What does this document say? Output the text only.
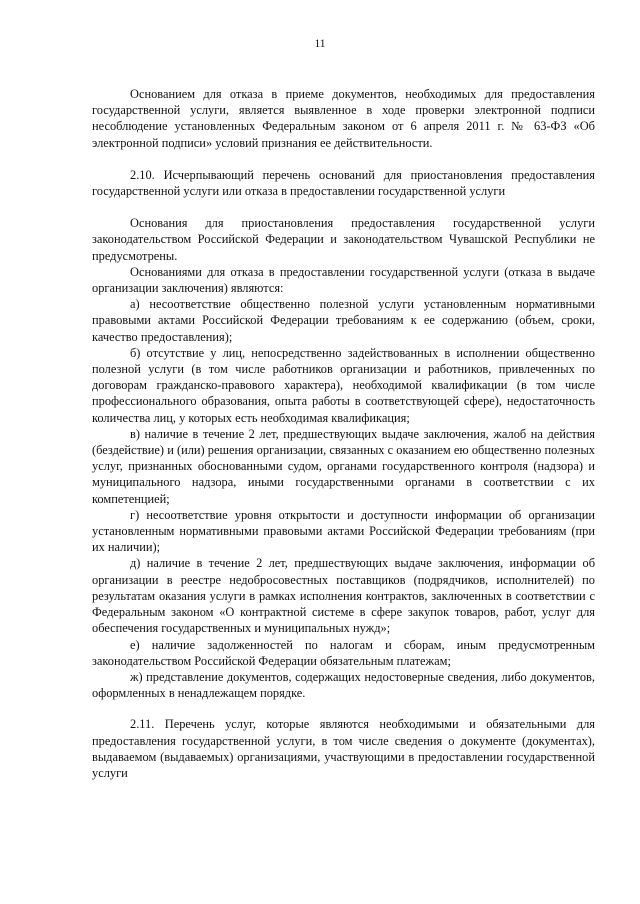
11

Основанием для отказа в приеме документов, необходимых для предоставления государственной услуги, является выявленное в ходе проверки электронной подписи несоблюдение установленных Федеральным законом от 6 апреля 2011 г. № 63-ФЗ «Об электронной подписи» условий признания ее действительности.

2.10. Исчерпывающий перечень оснований для приостановления предоставления государственной услуги или отказа в предоставлении государственной услуги

Основания для приостановления предоставления государственной услуги законодательством Российской Федерации и законодательством Чувашской Республики не предусмотрены.

Основаниями для отказа в предоставлении государственной услуги (отказа в выдаче организации заключения) являются:

а) несоответствие общественно полезной услуги установленным нормативными правовыми актами Российской Федерации требованиям к ее содержанию (объем, сроки, качество предоставления);

б) отсутствие у лиц, непосредственно задействованных в исполнении общественно полезной услуги (в том числе работников организации и работников, привлеченных по договорам гражданско-правового характера), необходимой квалификации (в том числе профессионального образования, опыта работы в соответствующей сфере), недостаточность количества лиц, у которых есть необходимая квалификация;

в) наличие в течение 2 лет, предшествующих выдаче заключения, жалоб на действия (бездействие) и (или) решения организации, связанных с оказанием ею общественно полезных услуг, признанных обоснованными судом, органами государственного контроля (надзора) и муниципального надзора, иными государственными органами в соответствии с их компетенцией;

г) несоответствие уровня открытости и доступности информации об организации установленным нормативными правовыми актами Российской Федерации требованиям (при их наличии);

д) наличие в течение 2 лет, предшествующих выдаче заключения, информации об организации в реестре недобросовестных поставщиков (подрядчиков, исполнителей) по результатам оказания услуги в рамках исполнения контрактов, заключенных в соответствии с Федеральным законом «О контрактной системе в сфере закупок товаров, работ, услуг для обеспечения государственных и муниципальных нужд»;

е) наличие задолженностей по налогам и сборам, иным предусмотренным законодательством Российской Федерации обязательным платежам;

ж) представление документов, содержащих недостоверные сведения, либо документов, оформленных в ненадлежащем порядке.

2.11. Перечень услуг, которые являются необходимыми и обязательными для предоставления государственной услуги, в том числе сведения о документе (документах), выдаваемом (выдаваемых) организациями, участвующими в предоставлении государственной услуги
